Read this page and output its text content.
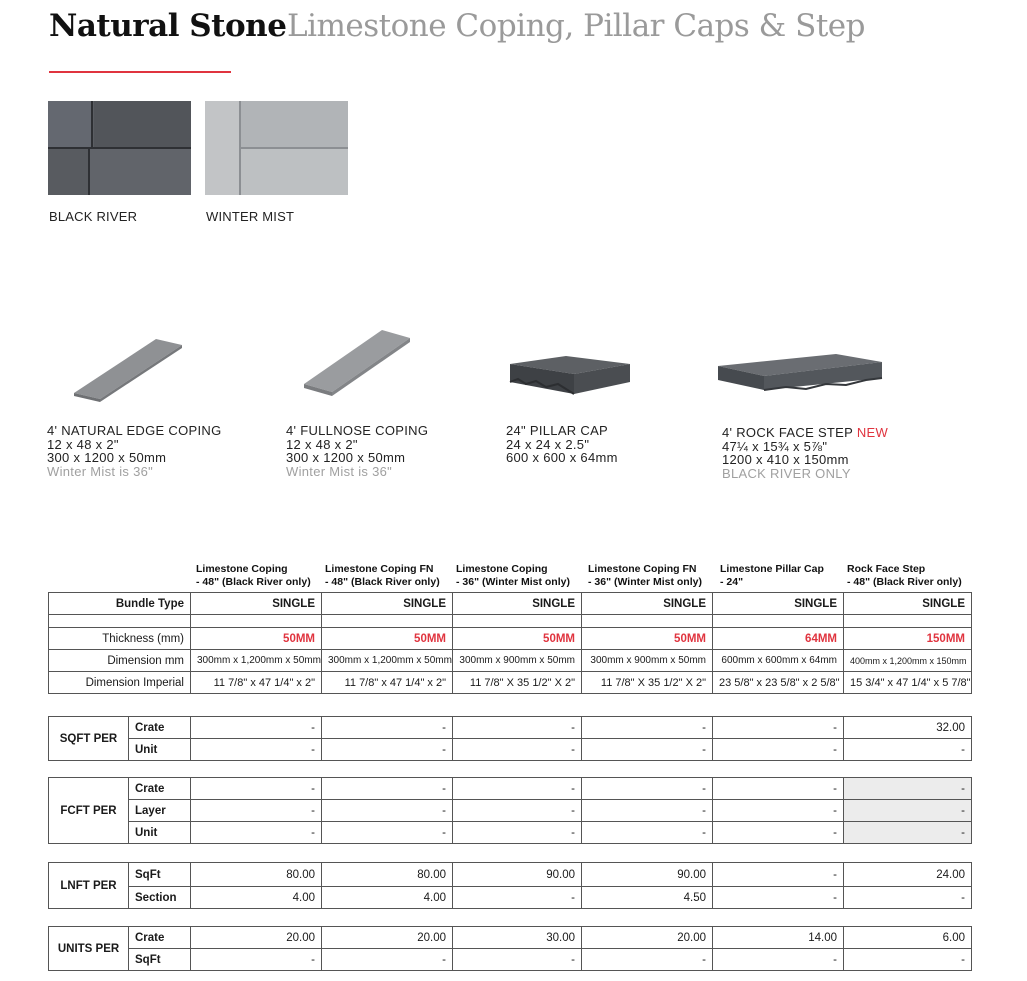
Natural Stone Limestone Coping, Pillar Caps & Step
BLACK RIVER	WINTER MIST
4' NATURAL EDGE COPING
12 x 48 x 2"
300 x 1200 x 50mm
Winter Mist is 36"
4' FULLNOSE COPING
12 x 48 x 2"
300 x 1200 x 50mm
Winter Mist is 36"
24" PILLAR CAP
24 x 24 x 2.5"
600 x 600 x 64mm
4' ROCK FACE STEP NEW
47¼ x 15¾ x 5⅞"
1200 x 410 x 150mm
BLACK RIVER ONLY
Limestone Coping
- 48" (Black River only)
Limestone Coping FN
- 48" (Black River only)
Limestone Coping
- 36" (Winter Mist only)
Limestone Coping FN
- 36" (Winter Mist only)
Limestone Pillar Cap
- 24"
Rock Face Step
- 48" (Black River only)
Bundle Type	SINGLE	SINGLE	SINGLE	SINGLE	SINGLE	SINGLE

Thickness (mm)	50MM	50MM	50MM	50MM	64MM	150MM
Dimension mm	300mm x 1,200mm x 50mm	300mm x 1,200mm x 50mm	300mm x 900mm x 50mm	300mm x 900mm x 50mm	600mm x 600mm x 64mm	400mm x 1,200mm x 150mm
Dimension Imperial	11 7/8" x 47 1/4" x 2"	11 7/8" x 47 1/4" x 2"	11 7/8" X 35 1/2" X 2"	11 7/8" X 35 1/2" X 2"	23 5/8" x 23 5/8" x 2 5/8"	15 3/4" x 47 1/4" x 5 7/8"
SQFT PER	Crate	-	-	-	-	-	32.00
	Unit	-	-	-	-	-	-
FCFT PER	Crate	-	-	-	-	-	-
	Layer	-	-	-	-	-	-
	Unit	-	-	-	-	-	-
LNFT PER	SqFt	80.00	80.00	90.00	90.00	-	24.00
	Section	4.00	4.00	-	4.50	-	-
UNITS PER	Crate	20.00	20.00	30.00	20.00	14.00	6.00
	SqFt	-	-	-	-	-	-
